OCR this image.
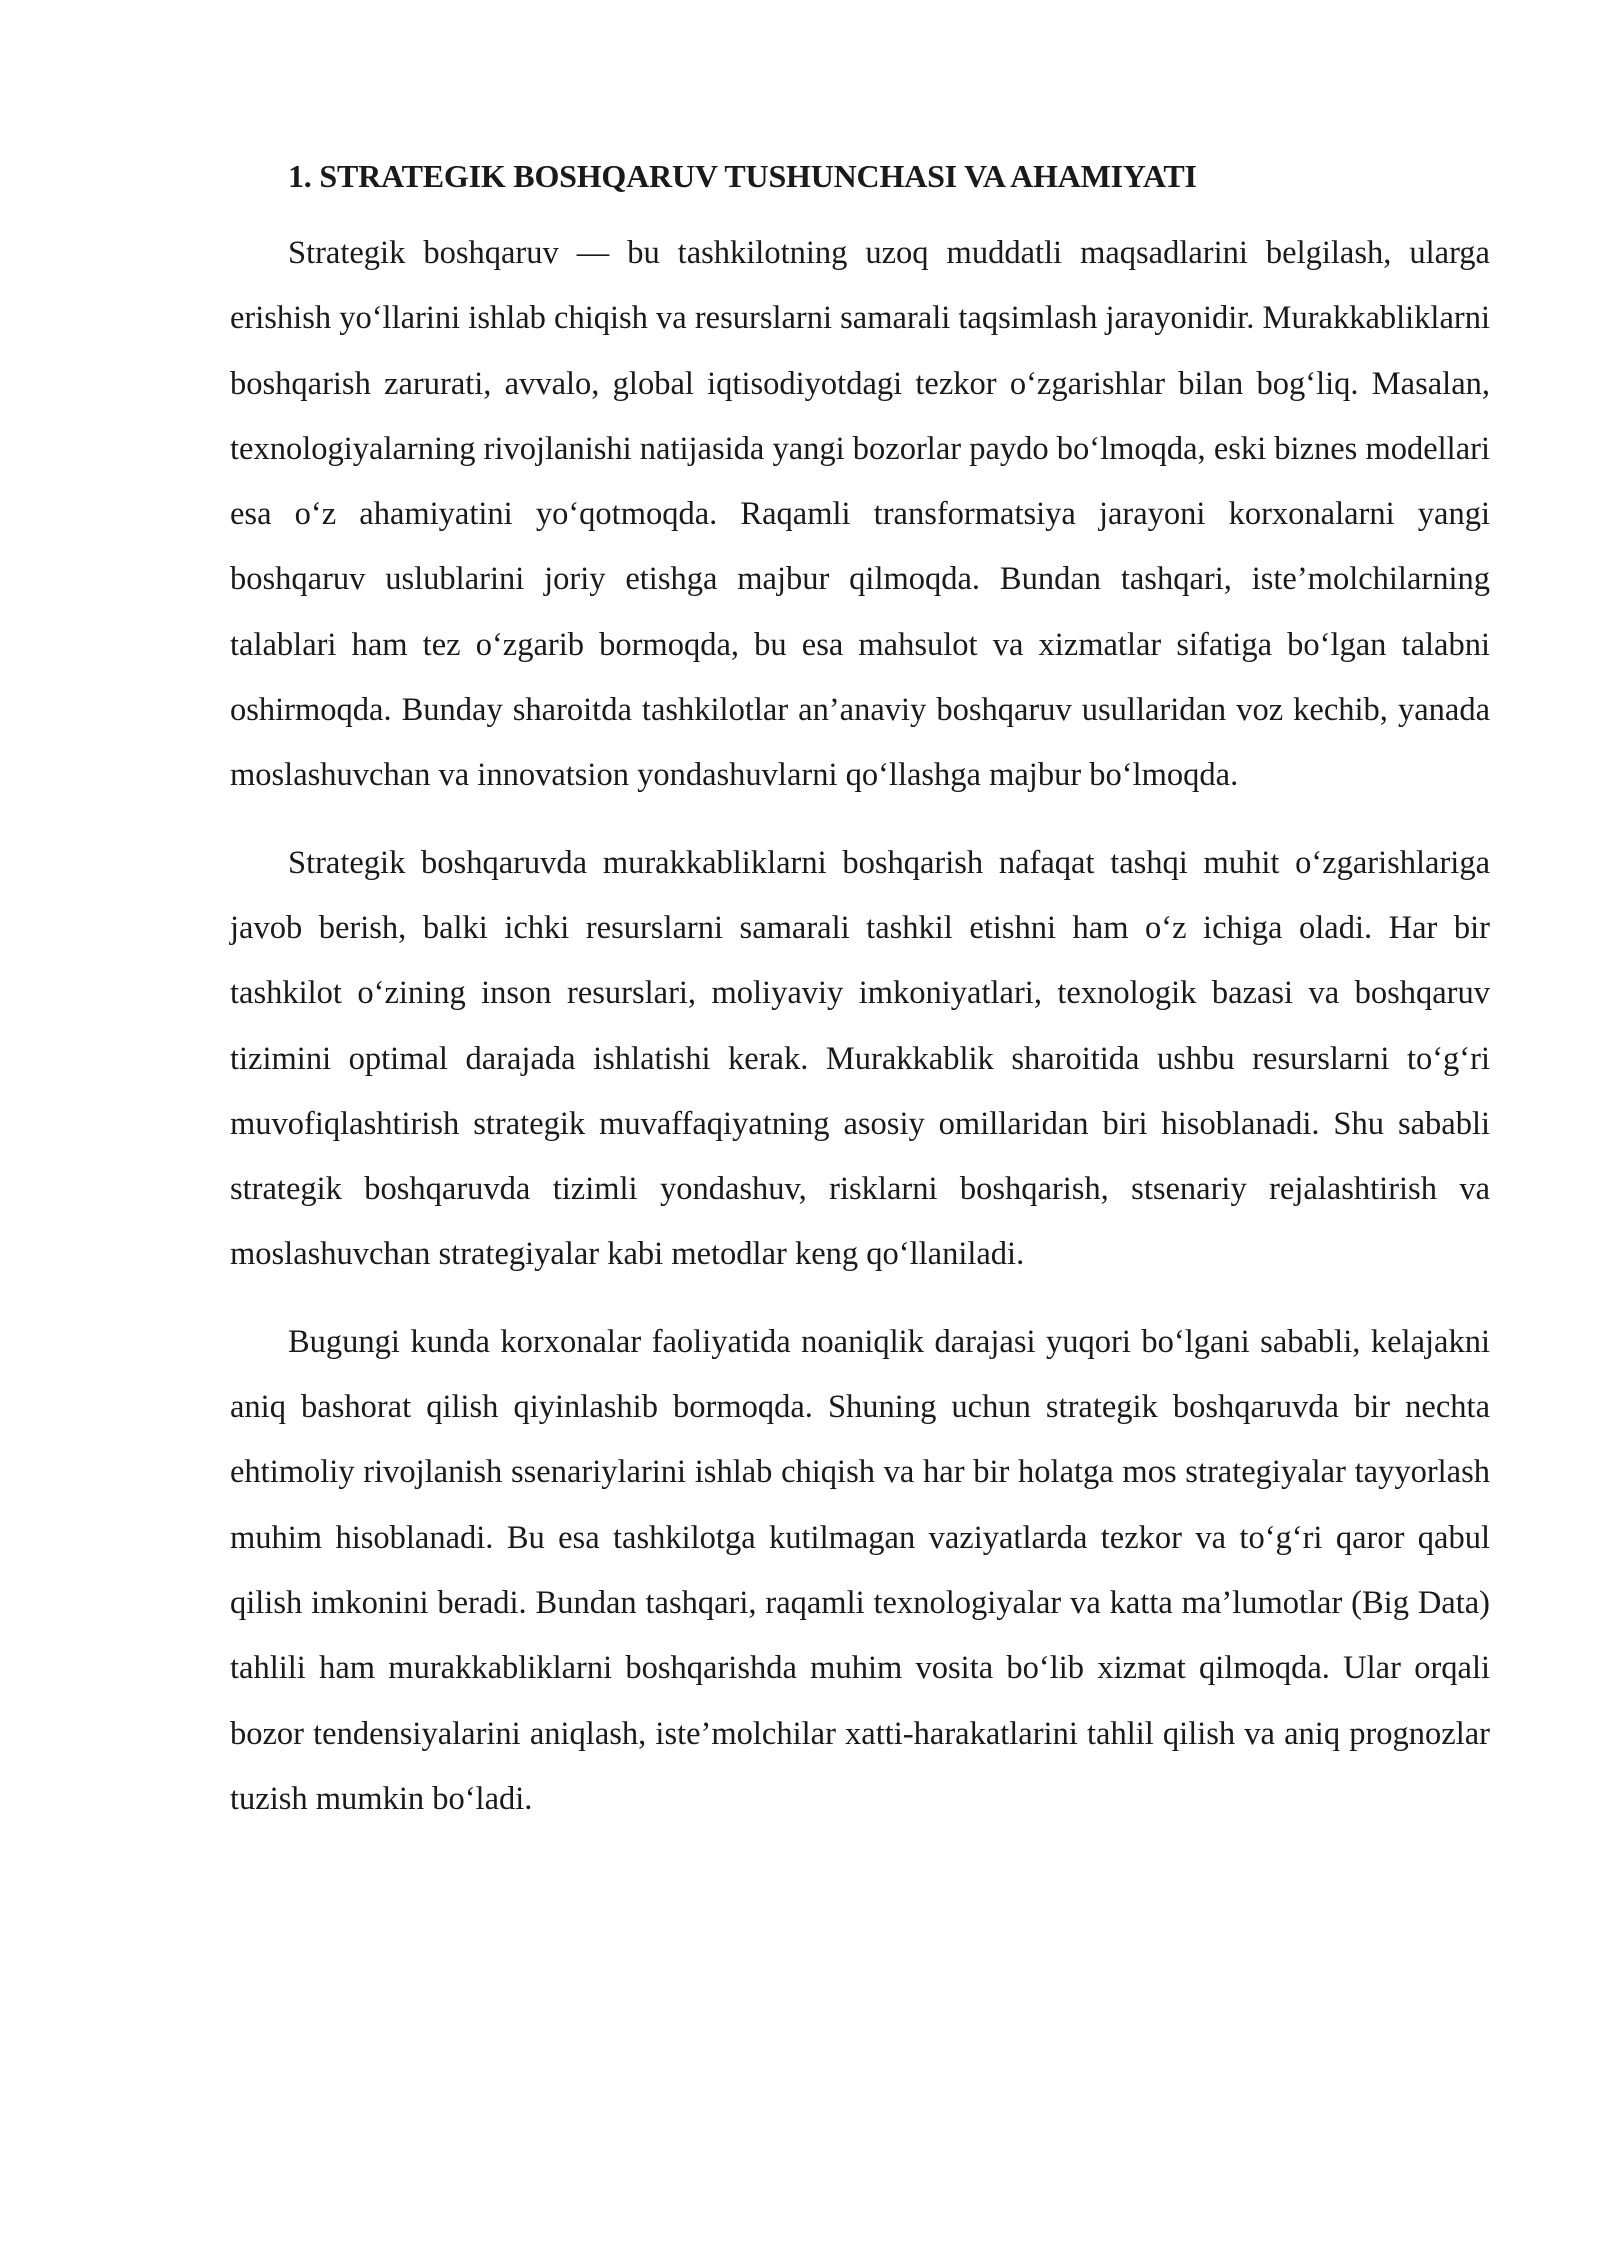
1. STRATEGIK BOSHQARUV TUSHUNCHASI VA AHAMIYATI

Strategik boshqaruv — bu tashkilotning uzoq muddatli maqsadlarini belgilash, ularga erishish yo‘llarini ishlab chiqish va resurslarni samarali taqsimlash jarayonidir. Murakkabliklarni boshqarish zarurati, avvalo, global iqtisodiyotdagi tezkor o‘zgarishlar bilan bog‘liq. Masalan, texnologiyalarning rivojlanishi natijasida yangi bozorlar paydo bo‘lmoqda, eski biznes modellari esa o‘z ahamiyatini yo‘qotmoqda. Raqamli transformatsiya jarayoni korxonalarni yangi boshqaruv uslublarini joriy etishga majbur qilmoqda. Bundan tashqari, iste’molchilarning talablari ham tez o‘zgarib bormoqda, bu esa mahsulot va xizmatlar sifatiga bo‘lgan talabni oshirmoqda. Bunday sharoitda tashkilotlar an’anaviy boshqaruv usullaridan voz kechib, yanada moslashuvchan va innovatsion yondashuvlarni qo‘llashga majbur bo‘lmoqda.

Strategik boshqaruvda murakkabliklarni boshqarish nafaqat tashqi muhit o‘zgarishlariga javob berish, balki ichki resurslarni samarali tashkil etishni ham o‘z ichiga oladi. Har bir tashkilot o‘zining inson resurslari, moliyaviy imkoniyatlari, texnologik bazasi va boshqaruv tizimini optimal darajada ishlatishi kerak. Murakkablik sharoitida ushbu resurslarni to‘g‘ri muvofiqlashtirish strategik muvaffaqiyatning asosiy omillaridan biri hisoblanadi. Shu sababli strategik boshqaruvda tizimli yondashuv, risklarni boshqarish, stsenariy rejalashtirish va moslashuvchan strategiyalar kabi metodlar keng qo‘llaniladi.

Bugungi kunda korxonalar faoliyatida noaniqlik darajasi yuqori bo‘lgani sababli, kelajakni aniq bashorat qilish qiyinlashib bormoqda. Shuning uchun strategik boshqaruvda bir nechta ehtimoliy rivojlanish ssenariylarini ishlab chiqish va har bir holatga mos strategiyalar tayyorlash muhim hisoblanadi. Bu esa tashkilotga kutilmagan vaziyatlarda tezkor va to‘g‘ri qaror qabul qilish imkonini beradi. Bundan tashqari, raqamli texnologiyalar va katta ma’lumotlar (Big Data) tahlili ham murakkabliklarni boshqarishda muhim vosita bo‘lib xizmat qilmoqda. Ular orqali bozor tendensiyalarini aniqlash, iste’molchilar xatti-harakatlarini tahlil qilish va aniq prognozlar tuzish mumkin bo‘ladi.
